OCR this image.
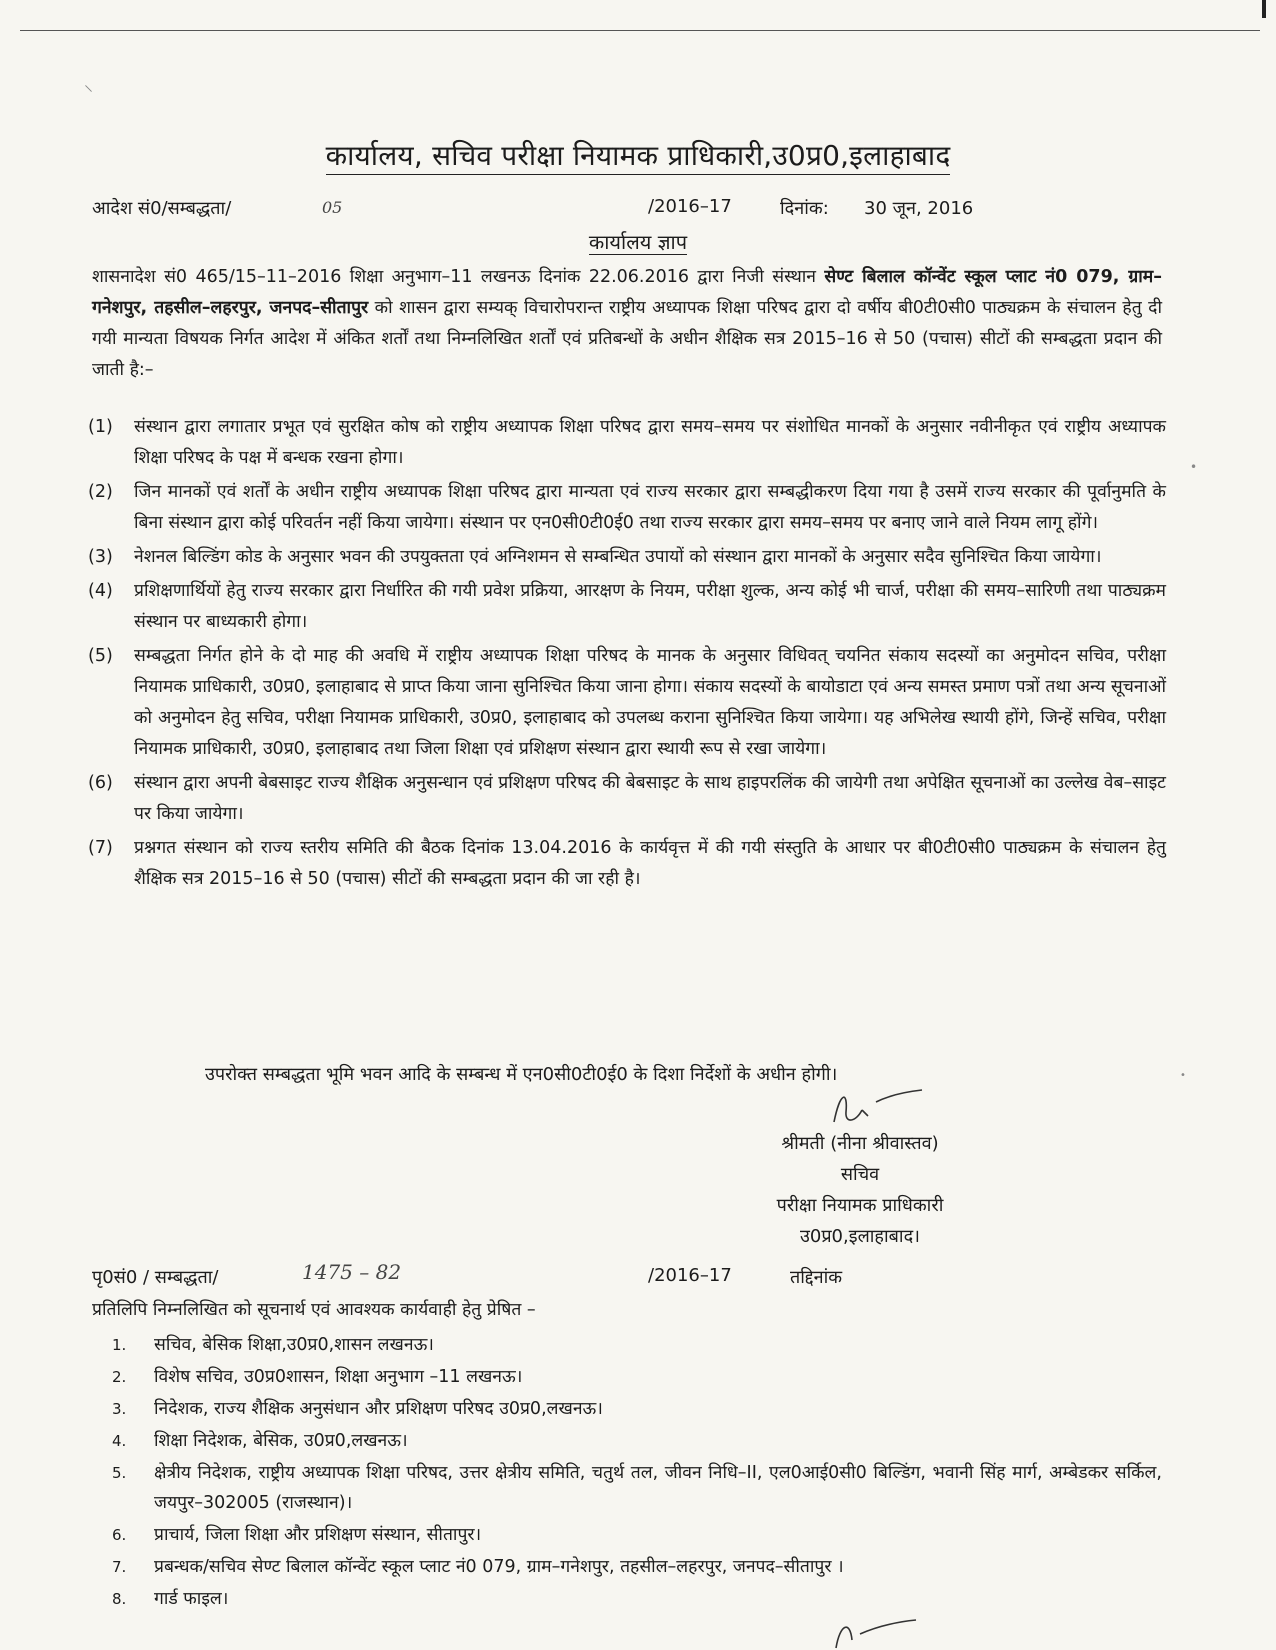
⸌
•
•
कार्यालय, सचिव परीक्षा नियामक प्राधिकारी,उ0प्र0,इलाहाबाद
आदेश सं0/सम्बद्धता/	05	/2016–17	दिनांक: 30 जून, 2016
कार्यालय ज्ञाप
शासनादेश सं0 465/15–11–2016 शिक्षा अनुभाग–11 लखनऊ दिनांक 22.06.2016 द्वारा निजी संस्थान सेण्ट बिलाल कॉन्वेंट स्कूल प्लाट नं0 079, ग्राम–गनेशपुर, तहसील–लहरपुर, जनपद–सीतापुर को शासन द्वारा सम्यक् विचारोपरान्त राष्ट्रीय अध्यापक शिक्षा परिषद द्वारा दो वर्षीय बी0टी0सी0 पाठ्यक्रम के संचालन हेतु दी गयी मान्यता विषयक निर्गत आदेश में अंकित शर्तों तथा निम्नलिखित शर्तों एवं प्रतिबन्धों के अधीन शैक्षिक सत्र 2015–16 से 50 (पचास) सीटों की सम्बद्धता प्रदान की जाती है:–
(1) संस्थान द्वारा लगातार प्रभूत एवं सुरक्षित कोष को राष्ट्रीय अध्यापक शिक्षा परिषद द्वारा समय–समय पर संशोधित मानकों के अनुसार नवीनीकृत एवं राष्ट्रीय अध्यापक शिक्षा परिषद के पक्ष में बन्धक रखना होगा।
(2) जिन मानकों एवं शर्तों के अधीन राष्ट्रीय अध्यापक शिक्षा परिषद द्वारा मान्यता एवं राज्य सरकार द्वारा सम्बद्धीकरण दिया गया है उसमें राज्य सरकार की पूर्वानुमति के बिना संस्थान द्वारा कोई परिवर्तन नहीं किया जायेगा। संस्थान पर एन0सी0टी0ई0 तथा राज्य सरकार द्वारा समय–समय पर बनाए जाने वाले नियम लागू होंगे।
(3) नेशनल बिल्डिंग कोड के अनुसार भवन की उपयुक्तता एवं अग्निशमन से सम्बन्धित उपायों को संस्थान द्वारा मानकों के अनुसार सदैव सुनिश्चित किया जायेगा।
(4) प्रशिक्षणार्थियों हेतु राज्य सरकार द्वारा निर्धारित की गयी प्रवेश प्रक्रिया, आरक्षण के नियम, परीक्षा शुल्क, अन्य कोई भी चार्ज, परीक्षा की समय–सारिणी तथा पाठ्यक्रम संस्थान पर बाध्यकारी होगा।
(5) सम्बद्धता निर्गत होने के दो माह की अवधि में राष्ट्रीय अध्यापक शिक्षा परिषद के मानक के अनुसार विधिवत् चयनित संकाय सदस्यों का अनुमोदन सचिव, परीक्षा नियामक प्राधिकारी, उ0प्र0, इलाहाबाद से प्राप्त किया जाना सुनिश्चित किया जाना होगा। संकाय सदस्यों के बायोडाटा एवं अन्य समस्त प्रमाण पत्रों तथा अन्य सूचनाओं को अनुमोदन हेतु सचिव, परीक्षा नियामक प्राधिकारी, उ0प्र0, इलाहाबाद को उपलब्ध कराना सुनिश्चित किया जायेगा। यह अभिलेख स्थायी होंगे, जिन्हें सचिव, परीक्षा नियामक प्राधिकारी, उ0प्र0, इलाहाबाद तथा जिला शिक्षा एवं प्रशिक्षण संस्थान द्वारा स्थायी रूप से रखा जायेगा।
(6) संस्थान द्वारा अपनी बेबसाइट राज्य शैक्षिक अनुसन्धान एवं प्रशिक्षण परिषद की बेबसाइट के साथ हाइपरलिंक की जायेगी तथा अपेक्षित सूचनाओं का उल्लेख वेब–साइट पर किया जायेगा।
(7) प्रश्नगत संस्थान को राज्य स्तरीय समिति की बैठक दिनांक 13.04.2016 के कार्यवृत्त में की गयी संस्तुति के आधार पर बी0टी0सी0 पाठ्यक्रम के संचालन हेतु शैक्षिक सत्र 2015–16 से 50 (पचास) सीटों की सम्बद्धता प्रदान की जा रही है।
उपरोक्त सम्बद्धता भूमि भवन आदि के सम्बन्ध में एन0सी0टी0ई0 के दिशा निर्देशों के अधीन होगी।
श्रीमती (नीना श्रीवास्तव)
सचिव
परीक्षा नियामक प्राधिकारी
उ0प्र0,इलाहाबाद।
पृ0सं0 / सम्बद्धता/	1475 – 82	/2016–17	तद्दिनांक
प्रतिलिपि निम्नलिखित को सूचनार्थ एवं आवश्यक कार्यवाही हेतु प्रेषित –
1. सचिव, बेसिक शिक्षा,उ0प्र0,शासन लखनऊ।
2. विशेष सचिव, उ0प्र0शासन, शिक्षा अनुभाग –11 लखनऊ।
3. निदेशक, राज्य शैक्षिक अनुसंधान और प्रशिक्षण परिषद उ0प्र0,लखनऊ।
4. शिक्षा निदेशक, बेसिक, उ0प्र0,लखनऊ।
5. क्षेत्रीय निदेशक, राष्ट्रीय अध्यापक शिक्षा परिषद, उत्तर क्षेत्रीय समिति, चतुर्थ तल, जीवन निधि–II, एल0आई0सी0 बिल्डिंग, भवानी सिंह मार्ग, अम्बेडकर सर्किल, जयपुर–302005 (राजस्थान)।
6. प्राचार्य, जिला शिक्षा और प्रशिक्षण संस्थान, सीतापुर।
7. प्रबन्धक/सचिव सेण्ट बिलाल कॉन्वेंट स्कूल प्लाट नं0 079, ग्राम–गनेशपुर, तहसील–लहरपुर, जनपद–सीतापुर ।
8. गार्ड फाइल।
